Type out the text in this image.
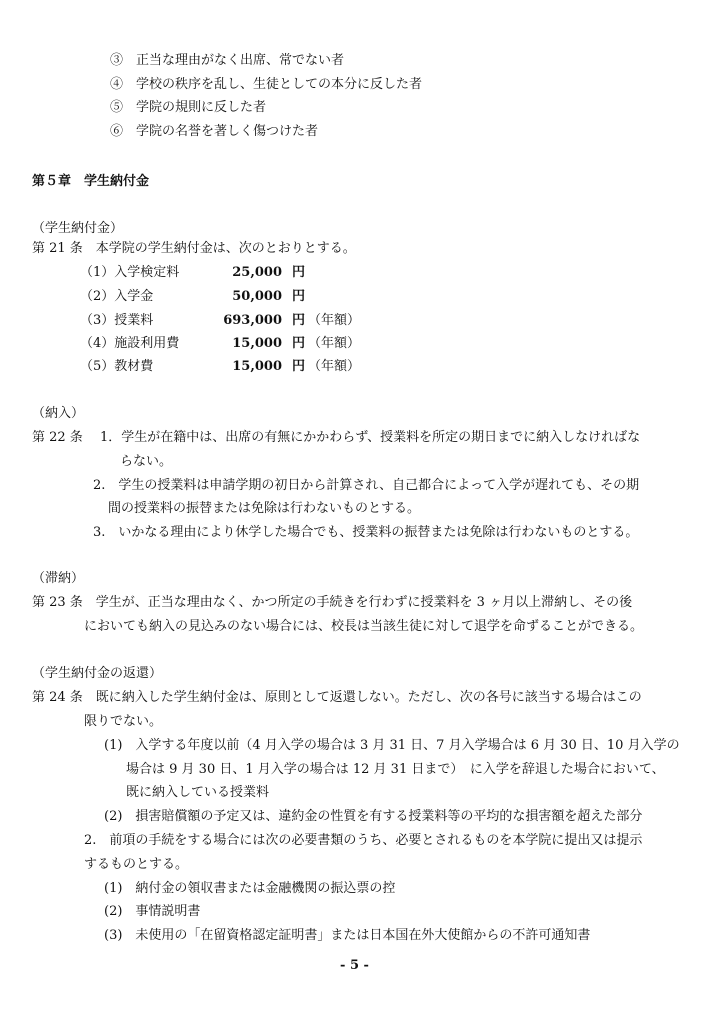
③　正当な理由がなく出席、常でない者
④　学校の秩序を乱し、生徒としての本分に反した者
⑤　学院の規則に反した者
⑥　学院の名誉を著しく傷つけた者
第５章　学生納付金
（学生納付金）
第 21 条　本学院の学生納付金は、次のとおりとする。
（1）入学検定料	25,000 円
（2）入学金	50,000 円
（3）授業料	693,000 円 （年額）
（4）施設利用費	15,000 円 （年額）
（5）教材費	15,000 円 （年額）
（納入）
第 22 条　 1．学生が在籍中は、出席の有無にかかわらず、授業料を所定の期日までに納入しなければな
らない。
2.　学生の授業料は申請学期の初日から計算され、自己都合によって入学が遅れても、その期
間の授業料の振替または免除は行わないものとする。
3.　いかなる理由により休学した場合でも、授業料の振替または免除は行わないものとする。
（滞納）
第 23 条　学生が、正当な理由なく、かつ所定の手続きを行わずに授業料を 3 ヶ月以上滞納し、その後
においても納入の見込みのない場合には、校長は当該生徒に対して退学を命ずることができる。
（学生納付金の返還）
第 24 条　既に納入した学生納付金は、原則として返還しない。ただし、次の各号に該当する場合はこの
限りでない。
(1)　入学する年度以前（4 月入学の場合は 3 月 31 日、7 月入学場合は 6 月 30 日、10 月入学の
場合は 9 月 30 日、1 月入学の場合は 12 月 31 日まで）　に入学を辞退した場合において、
既に納入している授業料
(2)　損害賠償額の予定又は、違約金の性質を有する授業料等の平均的な損害額を超えた部分
2.　前項の手続をする場合には次の必要書類のうち、必要とされるものを本学院に提出又は提示
するものとする。
(1)　納付金の領収書または金融機関の振込票の控
(2)　事情説明書
(3)　未使用の「在留資格認定証明書」または日本国在外大使館からの不許可通知書
- 5 -
